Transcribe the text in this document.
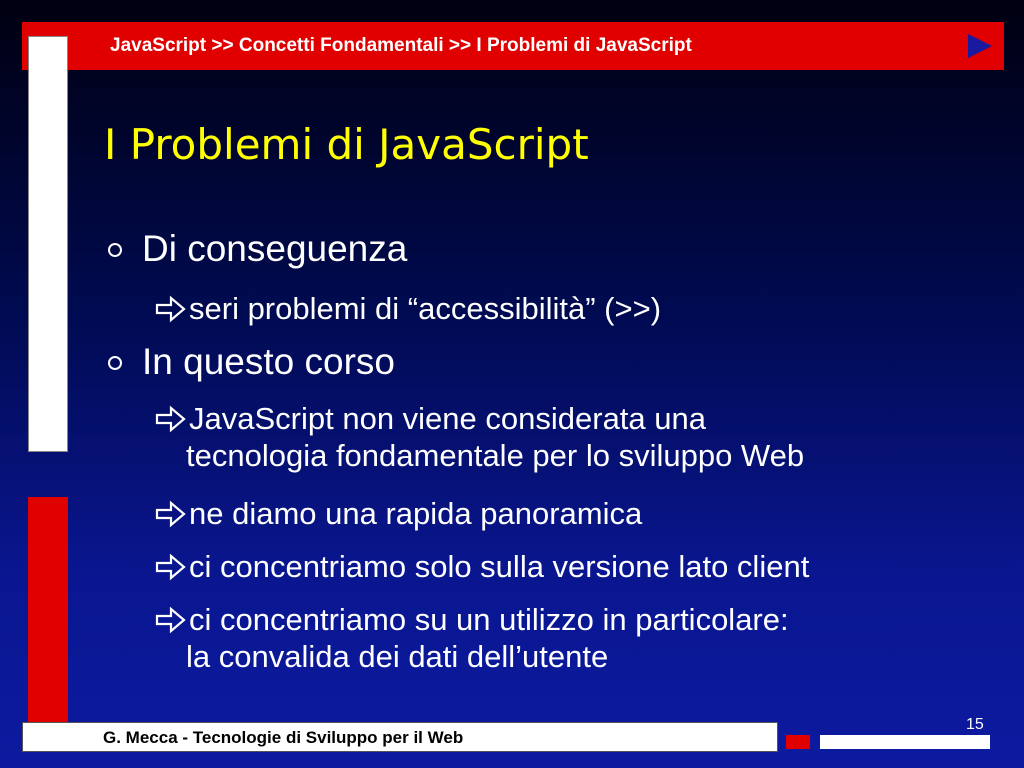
JavaScript >> Concetti Fondamentali >> I Problemi di JavaScript
I Problemi di JavaScript
Di conseguenza
seri problemi di “accessibilità” (>>)
In questo corso
JavaScript non viene considerata una
tecnologia fondamentale per lo sviluppo Web
ne diamo una rapida panoramica
ci concentriamo solo sulla versione lato client
ci concentriamo su un utilizzo in particolare:
la convalida dei dati dell’utente
G. Mecca - Tecnologie di Sviluppo per il Web
15
